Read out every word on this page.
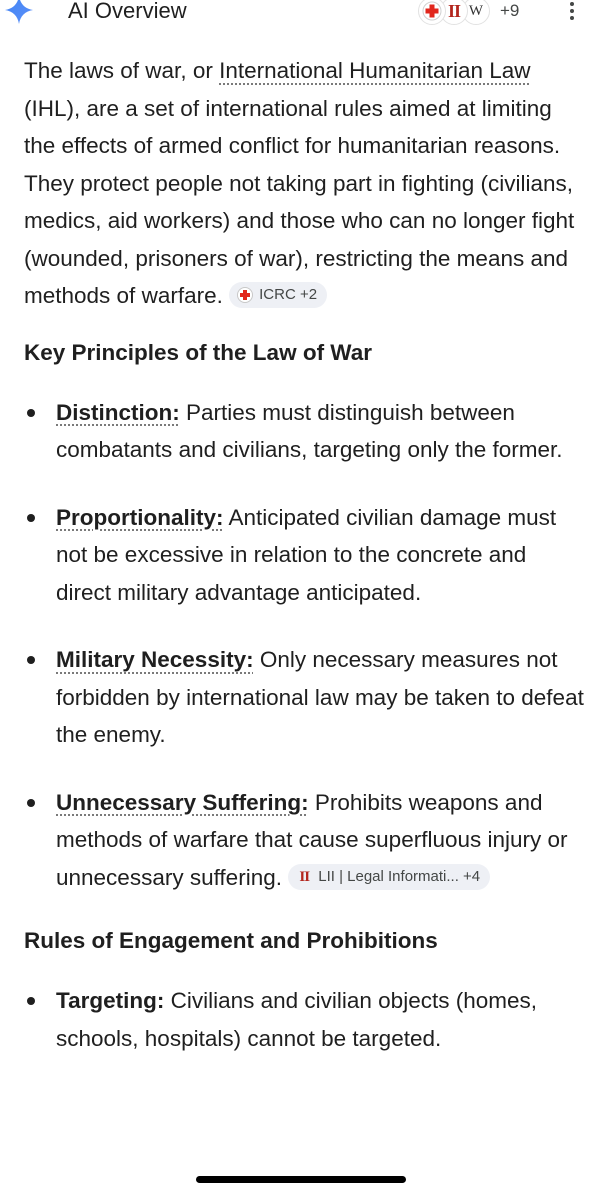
AI Overview	II W +9

The laws of war, or International Humanitarian Law (IHL), are a set of international rules aimed at limiting the effects of armed conflict for humanitarian reasons. They protect people not taking part in fighting (civilians, medics, aid workers) and those who can no longer fight (wounded, prisoners of war), restricting the means and methods of warfare. ICRC +2

Key Principles of the Law of War
Distinction: Parties must distinguish between combatants and civilians, targeting only the former.
Proportionality: Anticipated civilian damage must not be excessive in relation to the concrete and direct military advantage anticipated.
Military Necessity: Only necessary measures not forbidden by international law may be taken to defeat the enemy.
Unnecessary Suffering: Prohibits weapons and methods of warfare that cause superfluous injury or unnecessary suffering. II LII | Legal Informati... +4
Rules of Engagement and Prohibitions
Targeting: Civilians and civilian objects (homes, schools, hospitals) cannot be targeted.
